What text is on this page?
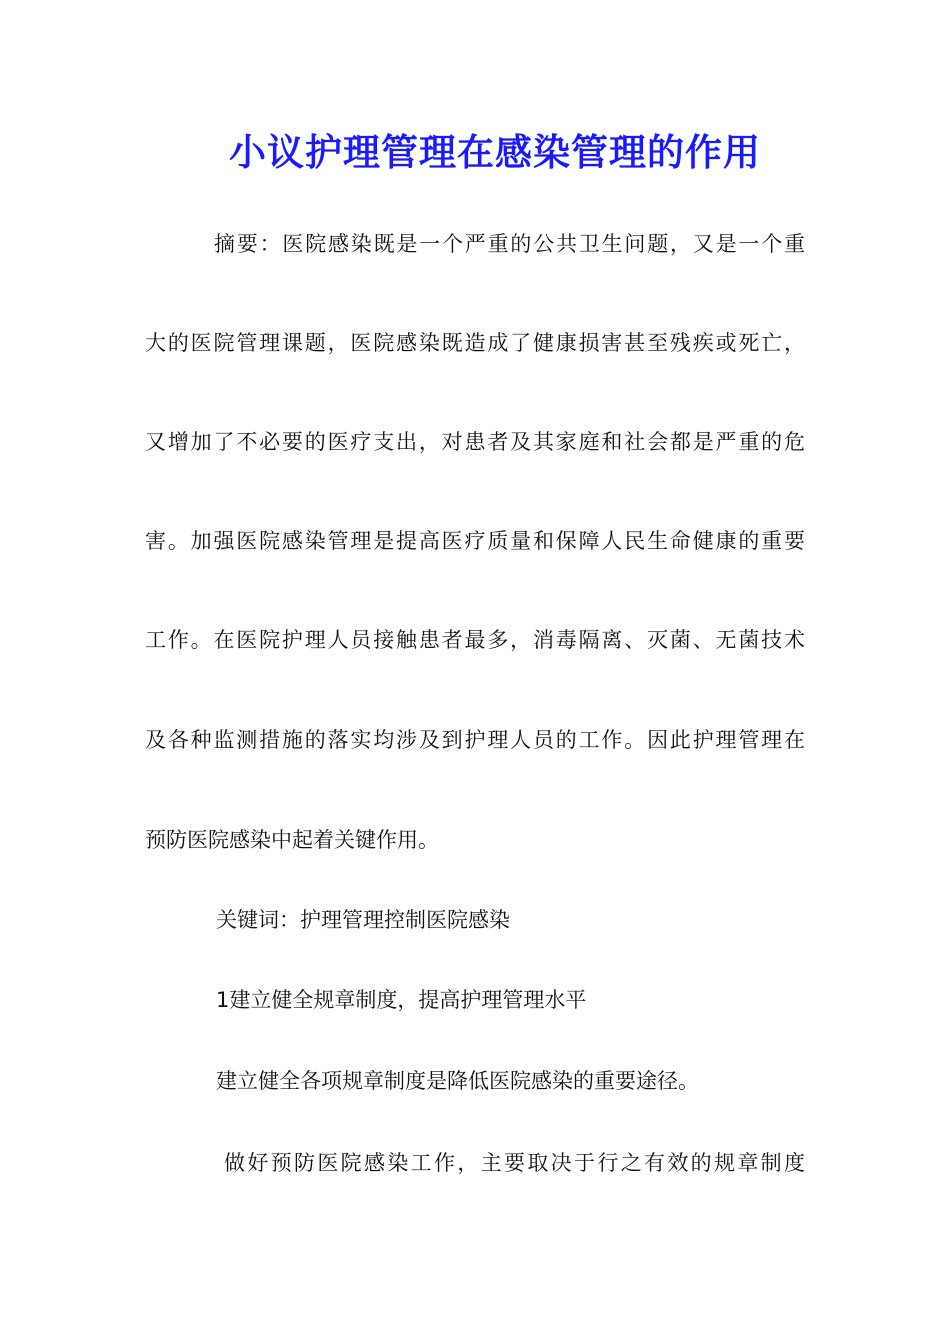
小议护理管理在感染管理的作用
摘要：医院感染既是一个严重的公共卫生问题，又是一个重
大的医院管理课题，医院感染既造成了健康损害甚至残疾或死亡，
又增加了不必要的医疗支出，对患者及其家庭和社会都是严重的危
害。加强医院感染管理是提高医疗质量和保障人民生命健康的重要
工作。在医院护理人员接触患者最多，消毒隔离、灭菌、无菌技术
及各种监测措施的落实均涉及到护理人员的工作。因此护理管理在
预防医院感染中起着关键作用。
关键词：护理管理控制医院感染
1建立健全规章制度，提高护理管理水平
建立健全各项规章制度是降低医院感染的重要途径。
做好预防医院感染工作，主要取决于行之有效的规章制度
